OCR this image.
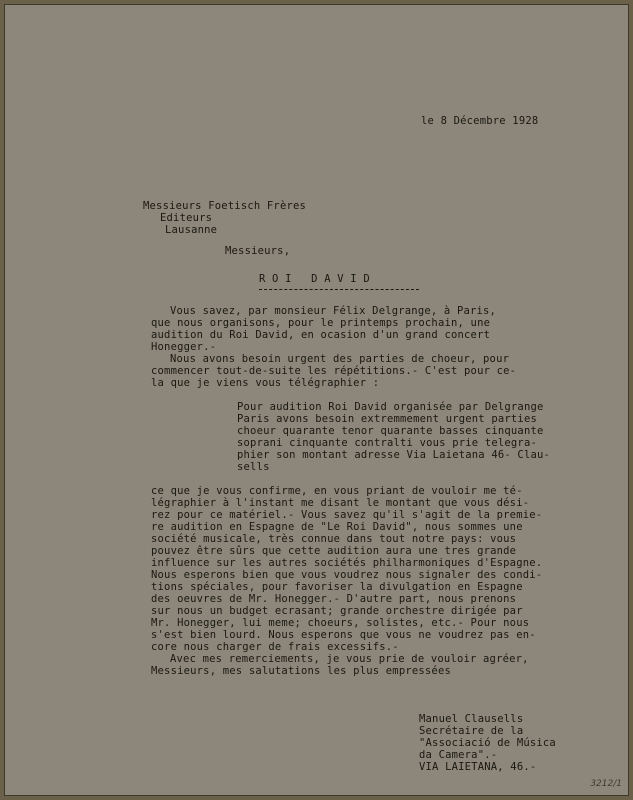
le 8 Décembre 1928

Messieurs Foetisch Frères

Editeurs

Lausanne

Messieurs,

R O I   D A V I D

Vous savez, par monsieur Félix Delgrange, à Paris,

que nous organisons, pour le printemps prochain, une

audition du Roi David, en ocasion d'un grand concert

Honegger.-

Nous avons besoin urgent des parties de choeur, pour

commencer tout-de-suite les répétitions.- C'est pour ce-

la que je viens vous télégraphier :

Pour audition Roi David organisée par Delgrange

Paris avons besoin extremmement urgent parties

choeur quarante tenor quarante basses cinquante

soprani cinquante contralti vous prie telegra-

phier son montant adresse Via Laietana 46- Clau-

sells

ce que je vous confirme, en vous priant de vouloir me té-

légraphier à l'instant me disant le montant que vous dési-

rez pour ce matériel.- Vous savez qu'il s'agit de la premie-

re audition en Espagne de "Le Roi David", nous sommes une

société musicale, très connue dans tout notre pays: vous

pouvez être sûrs que cette audition aura une tres grande

influence sur les autres sociétés philharmoniques d'Espagne.

Nous esperons bien que vous voudrez nous signaler des condi-

tions spéciales, pour favoriser la divulgation en Espagne

des oeuvres de Mr. Honegger.- D'autre part, nous prenons

sur nous un budget ecrasant; grande orchestre dirigée par

Mr. Honegger, lui meme; choeurs, solistes, etc.- Pour nous

s'est bien lourd. Nous esperons que vous ne voudrez pas en-

core nous charger de frais excessifs.-

Avec mes remerciements, je vous prie de vouloir agréer,

Messieurs, mes salutations les plus empressées

Manuel Clausells

Secrétaire de la

"Associació de Música

da Camera".-

VIA LAIETANA, 46.-

3212/1
